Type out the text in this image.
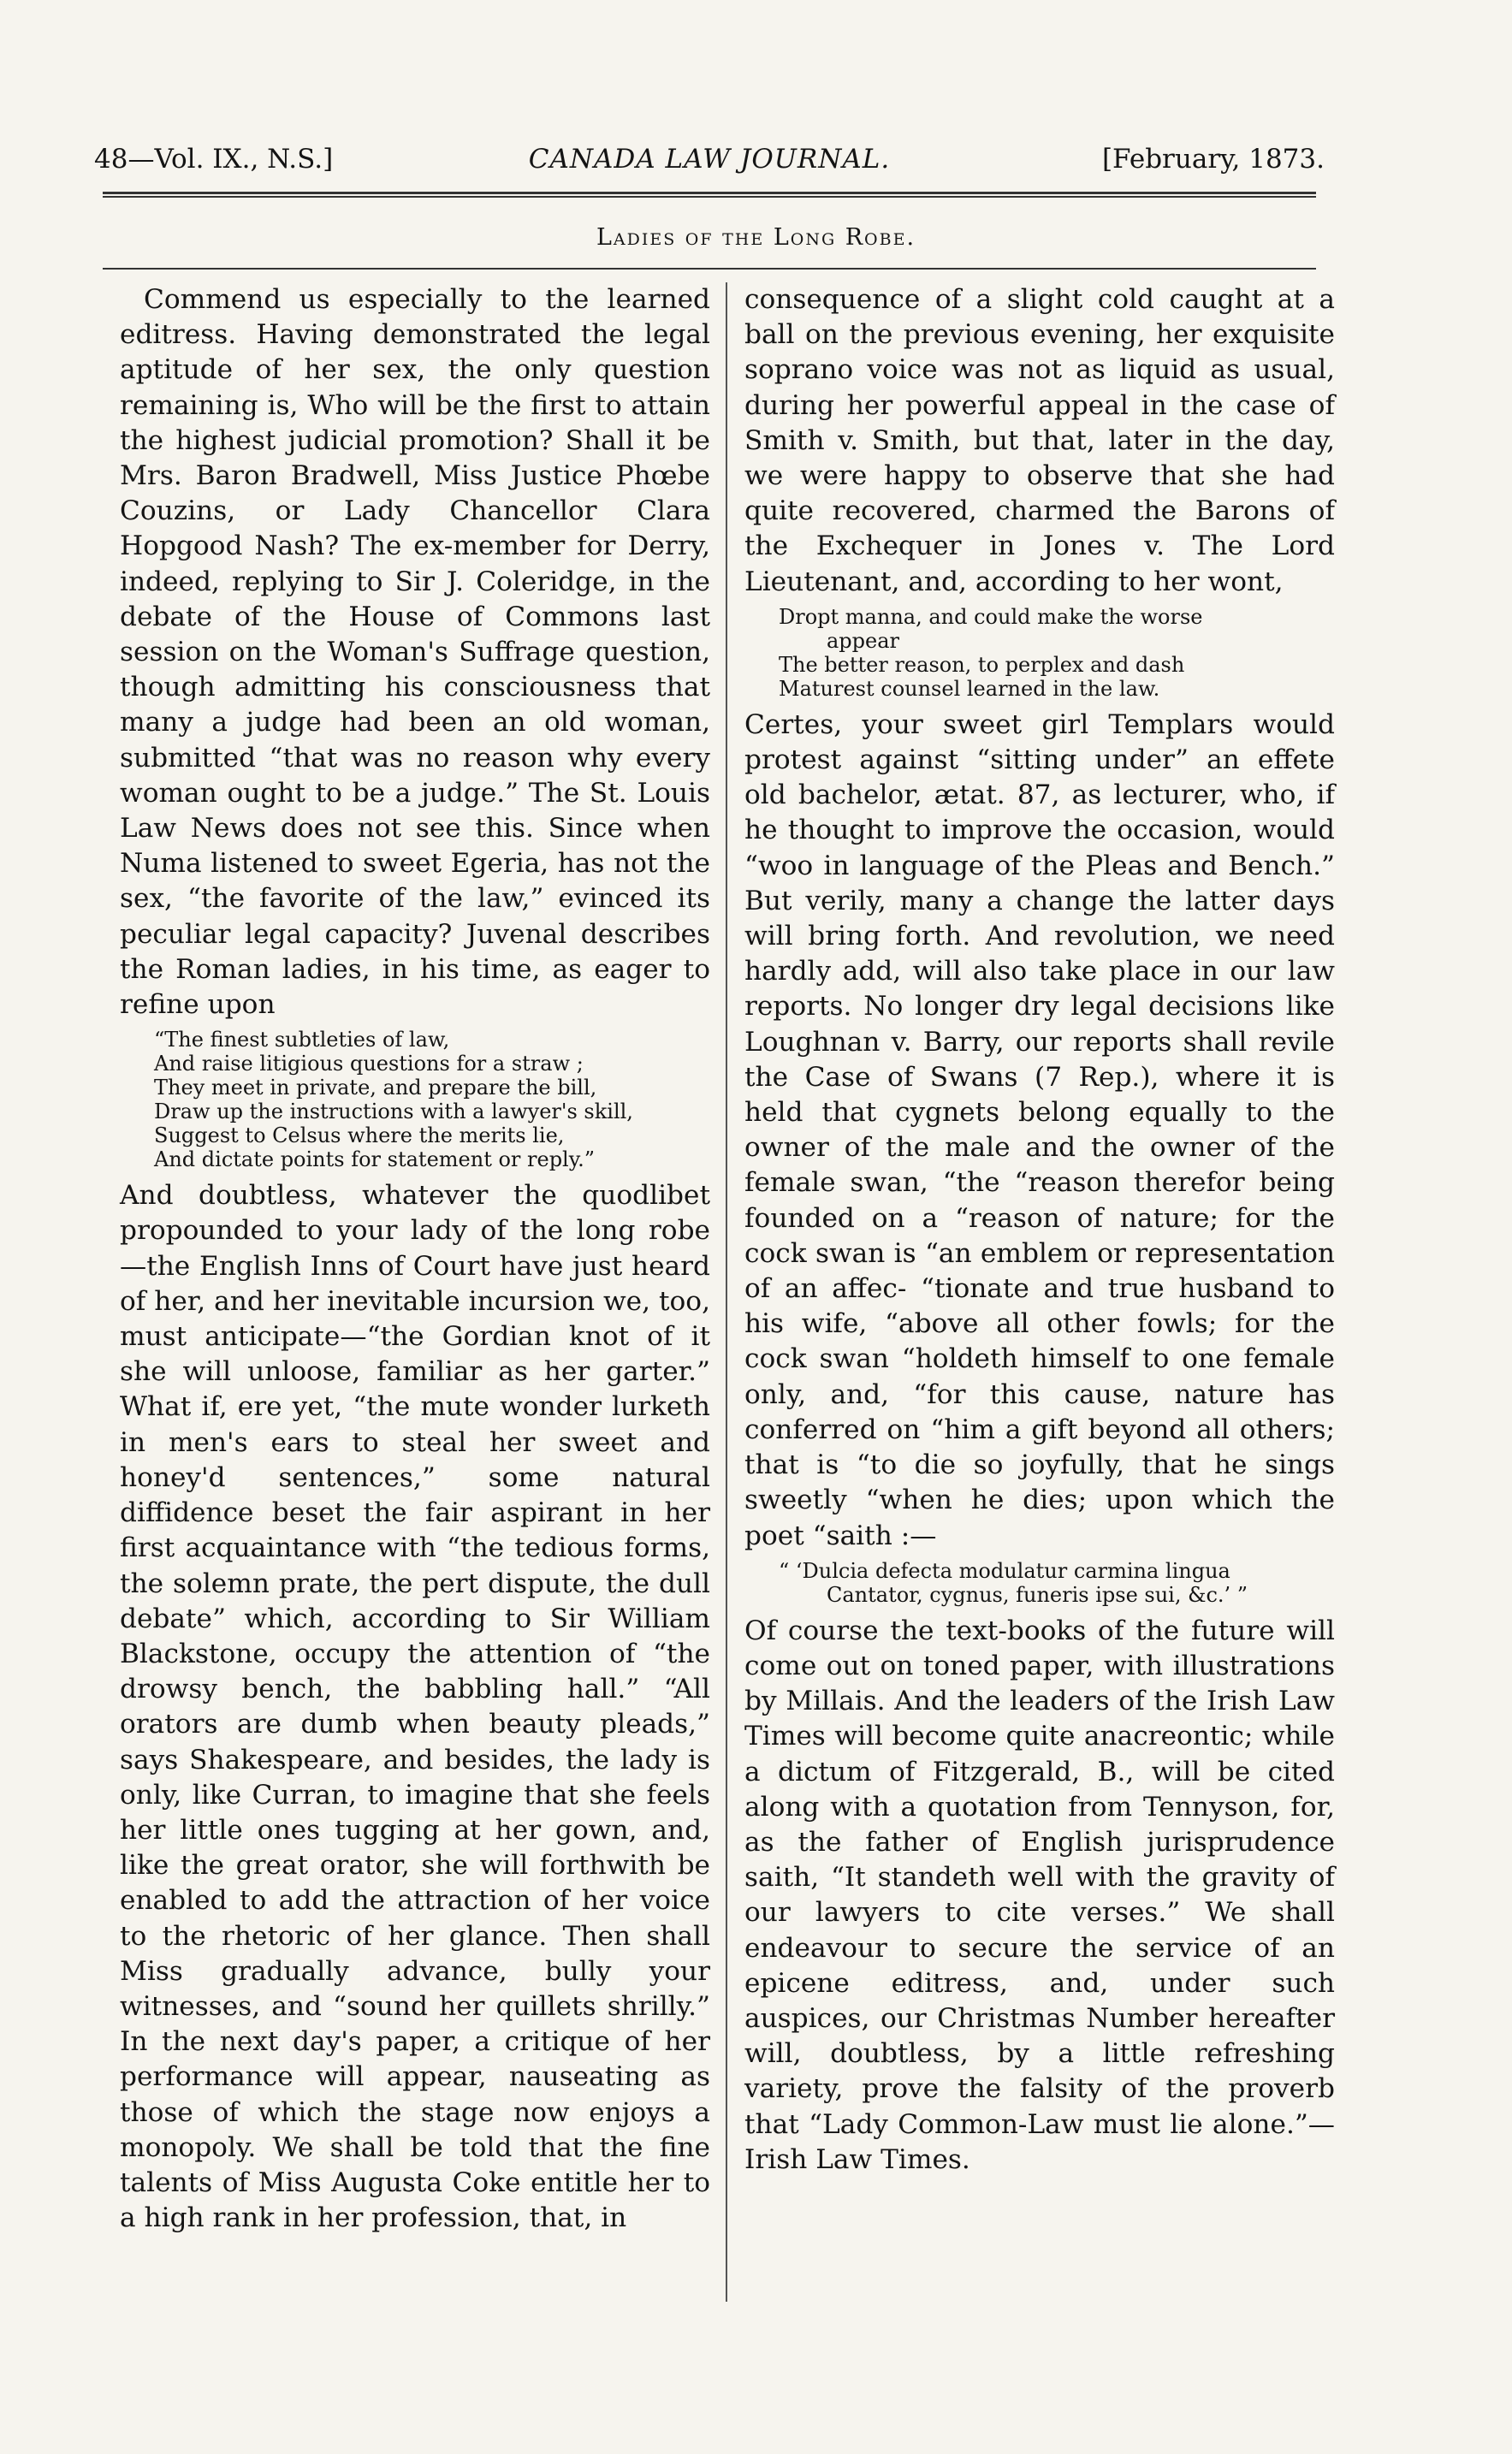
48—Vol. IX., N.S.]	CANADA LAW JOURNAL.	[February, 1873.
Ladies of the Long Robe.

Commend us especially to the learned editress. Having demonstrated the legal aptitude of her sex, the only question remaining is, Who will be the first to attain the highest judicial promotion? Shall it be Mrs. Baron Bradwell, Miss Justice Phœbe Couzins, or Lady Chancellor Clara Hopgood Nash? The ex-member for Derry, indeed, replying to Sir J. Coleridge, in the debate of the House of Commons last session on the Woman's Suffrage question, though admitting his consciousness that many a judge had been an old woman, submitted “that was no reason why every woman ought to be a judge.” The St. Louis Law News does not see this. Since when Numa listened to sweet Egeria, has not the sex, “the favorite of the law,” evinced its peculiar legal capacity? Juvenal describes the Roman ladies, in his time, as eager to refine upon

“The finest subtleties of law,
And raise litigious questions for a straw ;
They meet in private, and prepare the bill,
Draw up the instructions with a lawyer's skill,
Suggest to Celsus where the merits lie,
And dictate points for statement or reply.”

And doubtless, whatever the quodlibet propounded to your lady of the long robe —the English Inns of Court have just heard of her, and her inevitable incursion we, too, must anticipate—“the Gordian knot of it she will unloose, familiar as her garter.” What if, ere yet, “the mute wonder lurketh in men's ears to steal her sweet and honey'd sentences,” some natural diffidence beset the fair aspirant in her first acquaintance with “the tedious forms, the solemn prate, the pert dispute, the dull debate” which, according to Sir William Blackstone, occupy the attention of “the drowsy bench, the babbling hall.” “All orators are dumb when beauty pleads,” says Shakespeare, and besides, the lady is only, like Curran, to imagine that she feels her little ones tugging at her gown, and, like the great orator, she will forthwith be enabled to add the attraction of her voice to the rhetoric of her glance. Then shall Miss gradually advance, bully your witnesses, and “sound her quillets shrilly.” In the next day's paper, a critique of her performance will appear, nauseating as those of which the stage now enjoys a monopoly. We shall be told that the fine talents of Miss Augusta Coke entitle her to a high rank in her profession, that, in

consequence of a slight cold caught at a ball on the previous evening, her exquisite soprano voice was not as liquid as usual, during her powerful appeal in the case of Smith v. Smith, but that, later in the day, we were happy to observe that she had quite recovered, charmed the Barons of the Exchequer in Jones v. The Lord Lieutenant, and, according to her wont,

Dropt manna, and could make the worse
appear
The better reason, to perplex and dash
Maturest counsel learned in the law.

Certes, your sweet girl Templars would protest against “sitting under” an effete old bachelor, ætat. 87, as lecturer, who, if he thought to improve the occasion, would “woo in language of the Pleas and Bench.” But verily, many a change the latter days will bring forth. And revolution, we need hardly add, will also take place in our law reports. No longer dry legal decisions like Loughnan v. Barry, our reports shall revile the Case of Swans (7 Rep.), where it is held that cygnets belong equally to the owner of the male and the owner of the female swan, “the “reason therefor being founded on a “reason of nature; for the cock swan is “an emblem or representation of an affec- “tionate and true husband to his wife, “above all other fowls; for the cock swan “holdeth himself to one female only, and, “for this cause, nature has conferred on “him a gift beyond all others; that is “to die so joyfully, that he sings sweetly “when he dies; upon which the poet “saith :—

“ ‘Dulcia defecta modulatur carmina lingua
Cantator, cygnus, funeris ipse sui, &c.’ ”

Of course the text-books of the future will come out on toned paper, with illustrations by Millais. And the leaders of the Irish Law Times will become quite anacreontic; while a dictum of Fitzgerald, B., will be cited along with a quotation from Tennyson, for, as the father of English jurisprudence saith, “It standeth well with the gravity of our lawyers to cite verses.” We shall endeavour to secure the service of an epicene editress, and, under such auspices, our Christmas Number hereafter will, doubtless, by a little refreshing variety, prove the falsity of the proverb that “Lady Common-Law must lie alone.”—Irish Law Times.
